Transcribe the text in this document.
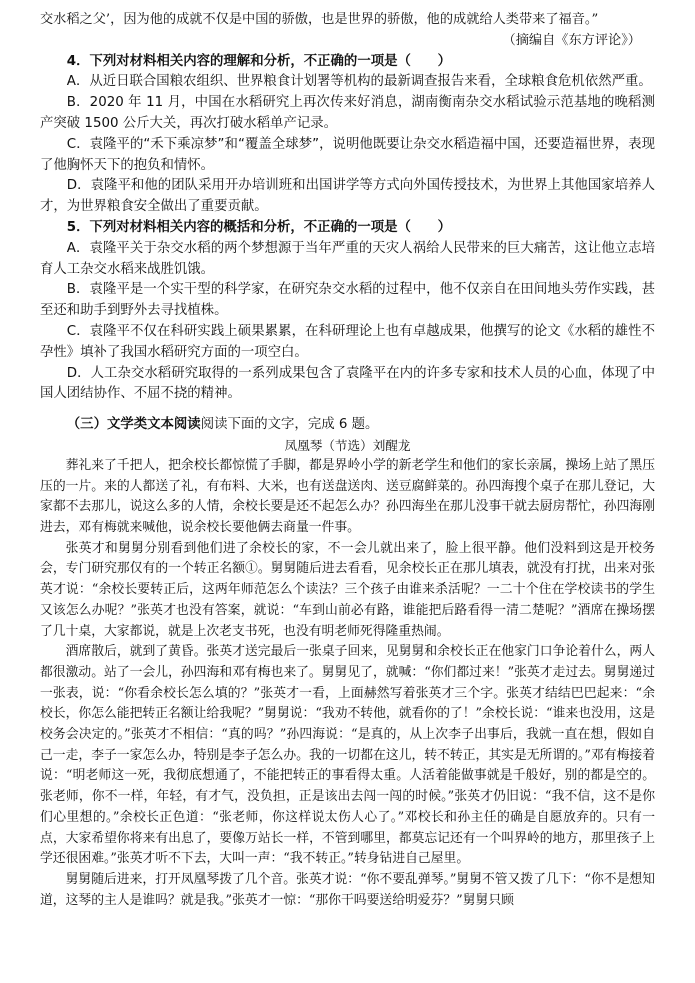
交水稻之父’，因为他的成就不仅是中国的骄傲，也是世界的骄傲，他的成就给人类带来了福音。”

（摘编自《东方评论》）

4．下列对材料相关内容的理解和分析，不正确的一项是（　　）

A．从近日联合国粮农组织、世界粮食计划署等机构的最新调查报告来看，全球粮食危机依然严重。

B．2020 年 11 月，中国在水稻研究上再次传来好消息，湖南衡南杂交水稻试验示范基地的晚稻测产突破 1500 公斤大关，再次打破水稻单产记录。

C．袁隆平的“禾下乘凉梦”和“覆盖全球梦”，说明他既要让杂交水稻造福中国，还要造福世界，表现了他胸怀天下的抱负和情怀。

D．袁隆平和他的团队采用开办培训班和出国讲学等方式向外国传授技术，为世界上其他国家培养人才，为世界粮食安全做出了重要贡献。

5．下列对材料相关内容的概括和分析，不正确的一项是（　　）

A．袁隆平关于杂交水稻的两个梦想源于当年严重的天灾人祸给人民带来的巨大痛苦，这让他立志培育人工杂交水稻来战胜饥饿。

B．袁隆平是一个实干型的科学家，在研究杂交水稻的过程中，他不仅亲自在田间地头劳作实践，甚至还和助手到野外去寻找植株。

C．袁隆平不仅在科研实践上硕果累累，在科研理论上也有卓越成果，他撰写的论文《水稻的雄性不孕性》填补了我国水稻研究方面的一项空白。

D．人工杂交水稻研究取得的一系列成果包含了袁隆平在内的许多专家和技术人员的心血，体现了中国人团结协作、不屈不挠的精神。

（三）文学类文本阅读阅读下面的文字，完成 6 题。

凤凰琴（节选）刘醒龙

葬礼来了千把人，把余校长都惊慌了手脚，都是界岭小学的新老学生和他们的家长亲属，操场上站了黑压压的一片。来的人都送了礼，有布料、大米，也有送盘送肉、送豆腐鲜菜的。孙四海搜个桌子在那儿登记，大家都不去那儿，说这么多的人情，余校长要是还不起怎么办？孙四海坐在那儿没事干就去厨房帮忙，孙四海刚进去，邓有梅就来喊他，说余校长要他俩去商量一件事。

张英才和舅舅分别看到他们进了余校长的家，不一会儿就出来了，脸上很平静。他们没料到这是开校务会，专门研究那仅有的一个转正名额①。舅舅随后进去看看，见余校长正在那儿填表，就没有打扰，出来对张英才说：“余校长要转正后，这两年师范怎么个读法？三个孩子由谁来杀活呢？一二十个住在学校读书的学生又该怎么办呢？”张英才也没有答案，就说：“车到山前必有路，谁能把后路看得一清二楚呢？”酒席在操场摆了几十桌，大家都说，就是上次老支书死，也没有明老师死得隆重热闹。

酒席散后，就到了黄昏。张英才送完最后一张桌子回来，见舅舅和余校长正在他家门口争论着什么，两人都很激动。站了一会儿，孙四海和邓有梅也来了。舅舅见了，就喊：“你们都过来！”张英才走过去。舅舅递过一张表，说：“你看余校长怎么填的？”张英才一看，上面赫然写着张英才三个字。张英才结结巴巴起来：“余校长，你怎么能把转正名额让给我呢？”舅舅说：“我劝不转他，就看你的了！”余校长说：“谁来也没用，这是校务会决定的。”张英才不相信：“真的吗？”孙四海说：“是真的，从上次李子出事后，我就一直在想，假如自己一走，李子一家怎么办，特别是李子怎么办。我的一切都在这儿，转不转正，其实是无所谓的。”邓有梅接着说：“明老师这一死，我彻底想通了，不能把转正的事看得太重。人活着能做事就是千般好，别的都是空的。张老师，你不一样，年轻，有才气，没负担，正是该出去闯一闯的时候。”张英才仍旧说：“我不信，这不是你们心里想的。”余校长正色道：“张老师，你这样说太伤人心了。”邓校长和孙主任的确是自愿放弃的。只有一点，大家希望你将来有出息了，要像万站长一样，不管到哪里，都莫忘记还有一个叫界岭的地方，那里孩子上学还很困难。”张英才听不下去，大叫一声：“我不转正。”转身钻进自己屋里。

舅舅随后进来，打开凤凰琴拨了几个音。张英才说：“你不要乱弹琴。”舅舅不管又拨了几下：“你不是想知道，这琴的主人是谁吗？就是我。”张英才一惊：“那你干吗要送给明爱芬？”舅舅只顾
